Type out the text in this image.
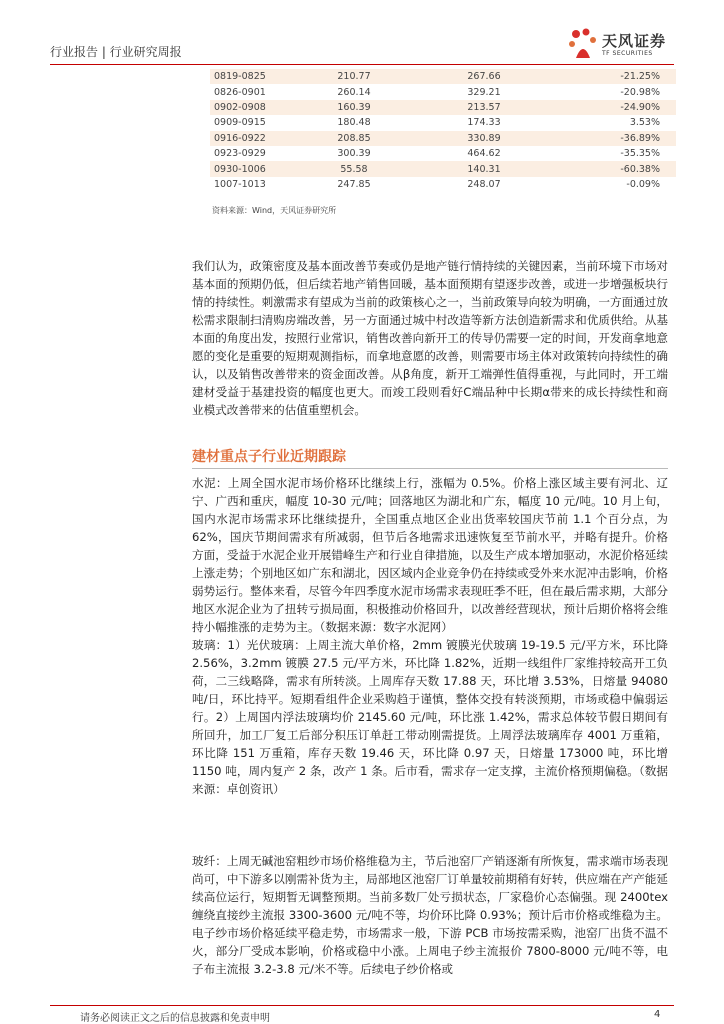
行业报告 | 行业研究周报
天风证券
TF SECURITIES
0819-0825	210.77	267.66	-21.25%
0826-0901	260.14	329.21	-20.98%
0902-0908	160.39	213.57	-24.90%
0909-0915	180.48	174.33	3.53%
0916-0922	208.85	330.89	-36.89%
0923-0929	300.39	464.62	-35.35%
0930-1006	55.58	140.31	-60.38%
1007-1013	247.85	248.07	-0.09%
资料来源：Wind，天风证券研究所

我们认为，政策密度及基本面改善节奏或仍是地产链行情持续的关键因素，当前环境下市场对基本面的预期仍低，但后续若地产销售回暖，基本面预期有望逐步改善，或进一步增强板块行情的持续性。刺激需求有望成为当前的政策核心之一，当前政策导向较为明确，一方面通过放松需求限制扫清购房端改善，另一方面通过城中村改造等新方法创造新需求和优质供给。从基本面的角度出发，按照行业常识，销售改善向新开工的传导仍需要一定的时间，开发商拿地意愿的变化是重要的短期观测指标，而拿地意愿的改善，则需要市场主体对政策转向持续性的确认，以及销售改善带来的资金面改善。从β角度，新开工端弹性值得重视，与此同时，开工端建材受益于基建投资的幅度也更大。而竣工段则看好C端品种中长期α带来的成长持续性和商业模式改善带来的估值重塑机会。

建材重点子行业近期跟踪

水泥：上周全国水泥市场价格环比继续上行，涨幅为 0.5%。价格上涨区域主要有河北、辽宁、广西和重庆，幅度 10-30 元/吨；回落地区为湖北和广东，幅度 10 元/吨。10 月上旬，国内水泥市场需求环比继续提升，全国重点地区企业出货率较国庆节前 1.1 个百分点，为 62%，国庆节期间需求有所减弱，但节后各地需求迅速恢复至节前水平，并略有提升。价格方面，受益于水泥企业开展错峰生产和行业自律措施，以及生产成本增加驱动，水泥价格延续上涨走势；个别地区如广东和湖北，因区域内企业竞争仍在持续或受外来水泥冲击影响，价格弱势运行。整体来看，尽管今年四季度水泥市场需求表现旺季不旺，但在最后需求期，大部分地区水泥企业为了扭转亏损局面，积极推动价格回升，以改善经营现状，预计后期价格将会维持小幅推涨的走势为主。（数据来源：数字水泥网）

玻璃：1）光伏玻璃：上周主流大单价格，2mm 镀膜光伏玻璃 19-19.5 元/平方米，环比降 2.56%，3.2mm 镀膜 27.5 元/平方米，环比降 1.82%，近期一线组件厂家维持较高开工负荷，二三线略降，需求有所转淡。上周库存天数 17.88 天，环比增 3.53%，日熔量 94080 吨/日，环比持平。短期看组件企业采购趋于谨慎，整体交投有转淡预期，市场或稳中偏弱运行。2）上周国内浮法玻璃均价 2145.60 元/吨，环比涨 1.42%，需求总体较节假日期间有所回升，加工厂复工后部分积压订单赶工带动刚需提货。上周浮法玻璃库存 4001 万重箱，环比降 151 万重箱，库存天数 19.46 天，环比降 0.97 天，日熔量 173000 吨，环比增 1150 吨，周内复产 2 条，改产 1 条。后市看，需求存一定支撑，主流价格预期偏稳。（数据来源：卓创资讯）

玻纤：上周无碱池窑粗纱市场价格维稳为主，节后池窑厂产销逐渐有所恢复，需求端市场表现尚可，中下游多以刚需补货为主，局部地区池窑厂订单量较前期稍有好转，供应端在产产能延续高位运行，短期暂无调整预期。当前多数厂处亏损状态，厂家稳价心态偏强。现 2400tex 缠绕直接纱主流报 3300-3600 元/吨不等，均价环比降 0.93%；预计后市价格或维稳为主。电子纱市场价格延续平稳走势，市场需求一般，下游 PCB 市场按需采购，池窑厂出货不温不火，部分厂受成本影响，价格或稳中小涨。上周电子纱主流报价 7800-8000 元/吨不等，电子布主流报 3.2-3.8 元/米不等。后续电子纱价格或

请务必阅读正文之后的信息披露和免责申明	4
